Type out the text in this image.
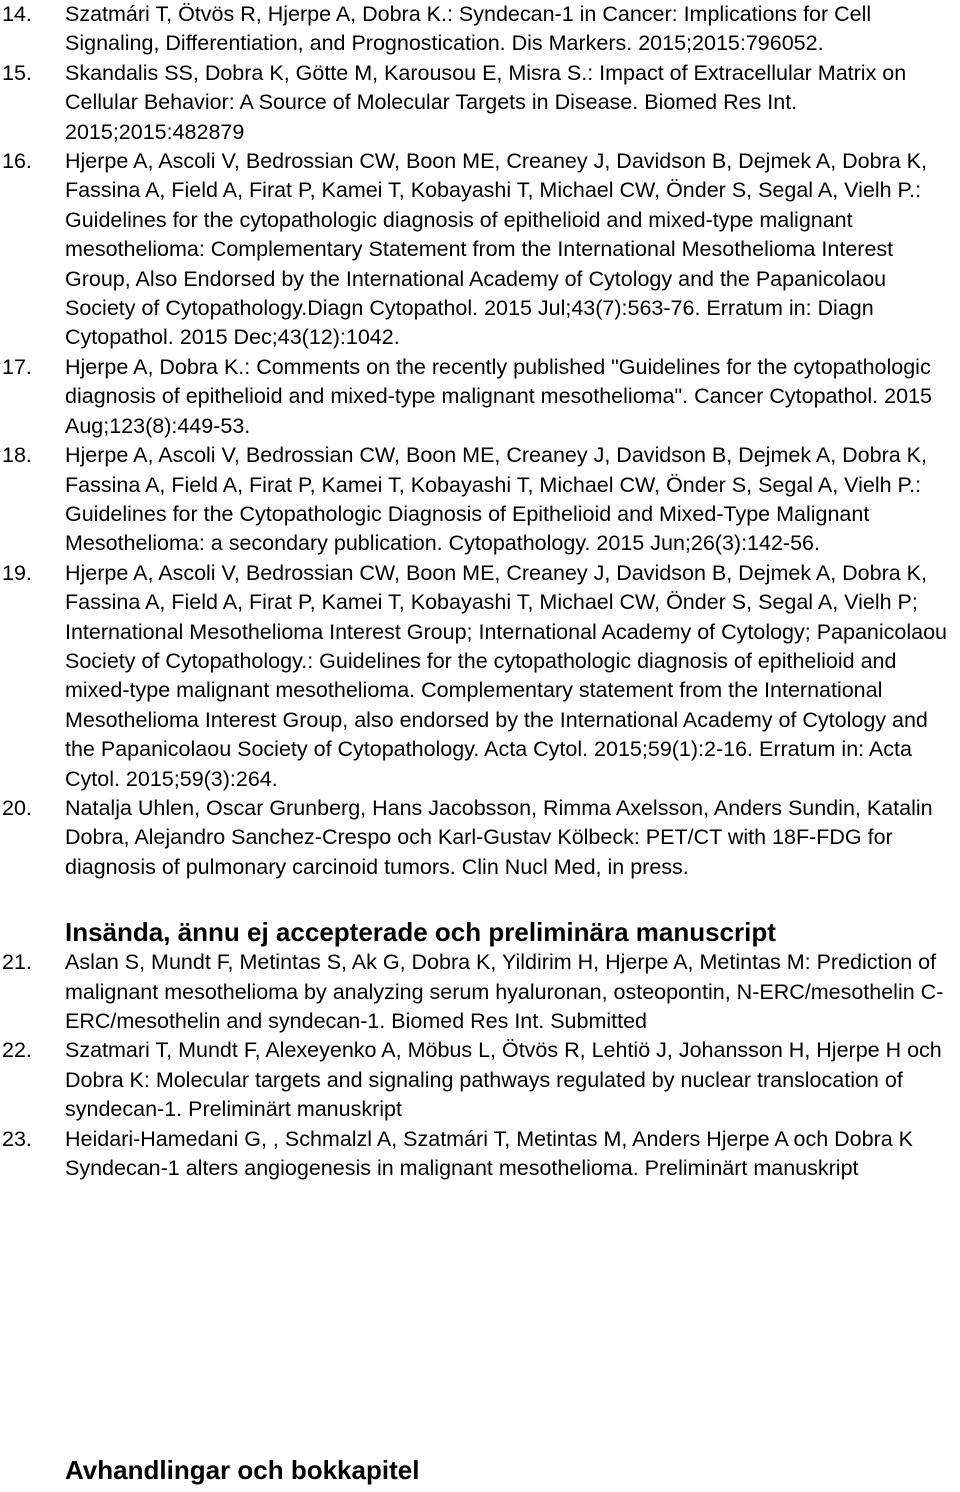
14.	Szatmári T, Ötvös R, Hjerpe A, Dobra K.: Syndecan-1 in Cancer: Implications for Cell Signaling, Differentiation, and Prognostication. Dis Markers. 2015;2015:796052.
15.	Skandalis SS, Dobra K, Götte M, Karousou E, Misra S.: Impact of Extracellular Matrix on Cellular Behavior: A Source of Molecular Targets in Disease. Biomed Res Int. 2015;2015:482879
16.	Hjerpe A, Ascoli V, Bedrossian CW, Boon ME, Creaney J, Davidson B, Dejmek A, Dobra K, Fassina A, Field A, Firat P, Kamei T, Kobayashi T, Michael CW, Önder S, Segal A, Vielh P.: Guidelines for the cytopathologic diagnosis of epithelioid and mixed-type malignant mesothelioma: Complementary Statement from the International Mesothelioma Interest Group, Also Endorsed by the International Academy of Cytology and the Papanicolaou Society of Cytopathology.Diagn Cytopathol. 2015 Jul;43(7):563-76. Erratum in: Diagn Cytopathol. 2015 Dec;43(12):1042.
17.	Hjerpe A, Dobra K.: Comments on the recently published "Guidelines for the cytopathologic diagnosis of epithelioid and mixed-type malignant mesothelioma". Cancer Cytopathol. 2015 Aug;123(8):449-53.
18.	Hjerpe A, Ascoli V, Bedrossian CW, Boon ME, Creaney J, Davidson B, Dejmek A, Dobra K, Fassina A, Field A, Firat P, Kamei T, Kobayashi T, Michael CW, Önder S, Segal A, Vielh P.: Guidelines for the Cytopathologic Diagnosis of Epithelioid and Mixed-Type Malignant Mesothelioma: a secondary publication. Cytopathology. 2015 Jun;26(3):142-56.
19.	Hjerpe A, Ascoli V, Bedrossian CW, Boon ME, Creaney J, Davidson B, Dejmek A, Dobra K, Fassina A, Field A, Firat P, Kamei T, Kobayashi T, Michael CW, Önder S, Segal A, Vielh P; International Mesothelioma Interest Group; International Academy of Cytology; Papanicolaou Society of Cytopathology.: Guidelines for the cytopathologic diagnosis of epithelioid and mixed-type malignant mesothelioma. Complementary statement from the International Mesothelioma Interest Group, also endorsed by the International Academy of Cytology and the Papanicolaou Society of Cytopathology. Acta Cytol. 2015;59(1):2-16. Erratum in: Acta Cytol. 2015;59(3):264.
20.	Natalja Uhlen, Oscar Grunberg, Hans Jacobsson, Rimma Axelsson, Anders Sundin, Katalin Dobra, Alejandro Sanchez-Crespo och Karl-Gustav Kölbeck: PET/CT with 18F-FDG for diagnosis of pulmonary carcinoid tumors. Clin Nucl Med, in press.
Insända, ännu ej accepterade och preliminära manuscript
21.	Aslan S, Mundt F, Metintas S, Ak G, Dobra K, Yildirim H, Hjerpe A, Metintas M: Prediction of malignant mesothelioma by analyzing serum hyaluronan, osteopontin, N-ERC/mesothelin C-ERC/mesothelin and syndecan-1. Biomed Res Int. Submitted
22.	Szatmari T, Mundt F, Alexeyenko A, Möbus L, Ötvös R, Lehtiö J, Johansson H, Hjerpe H och Dobra K: Molecular targets and signaling pathways regulated by nuclear translocation of syndecan-1. Preliminärt manuskript
23.	Heidari-Hamedani G, , Schmalzl A, Szatmári T, Metintas M, Anders Hjerpe A och Dobra K Syndecan-1 alters angiogenesis in malignant mesothelioma. Preliminärt manuskript
Avhandlingar och bokkapitel
